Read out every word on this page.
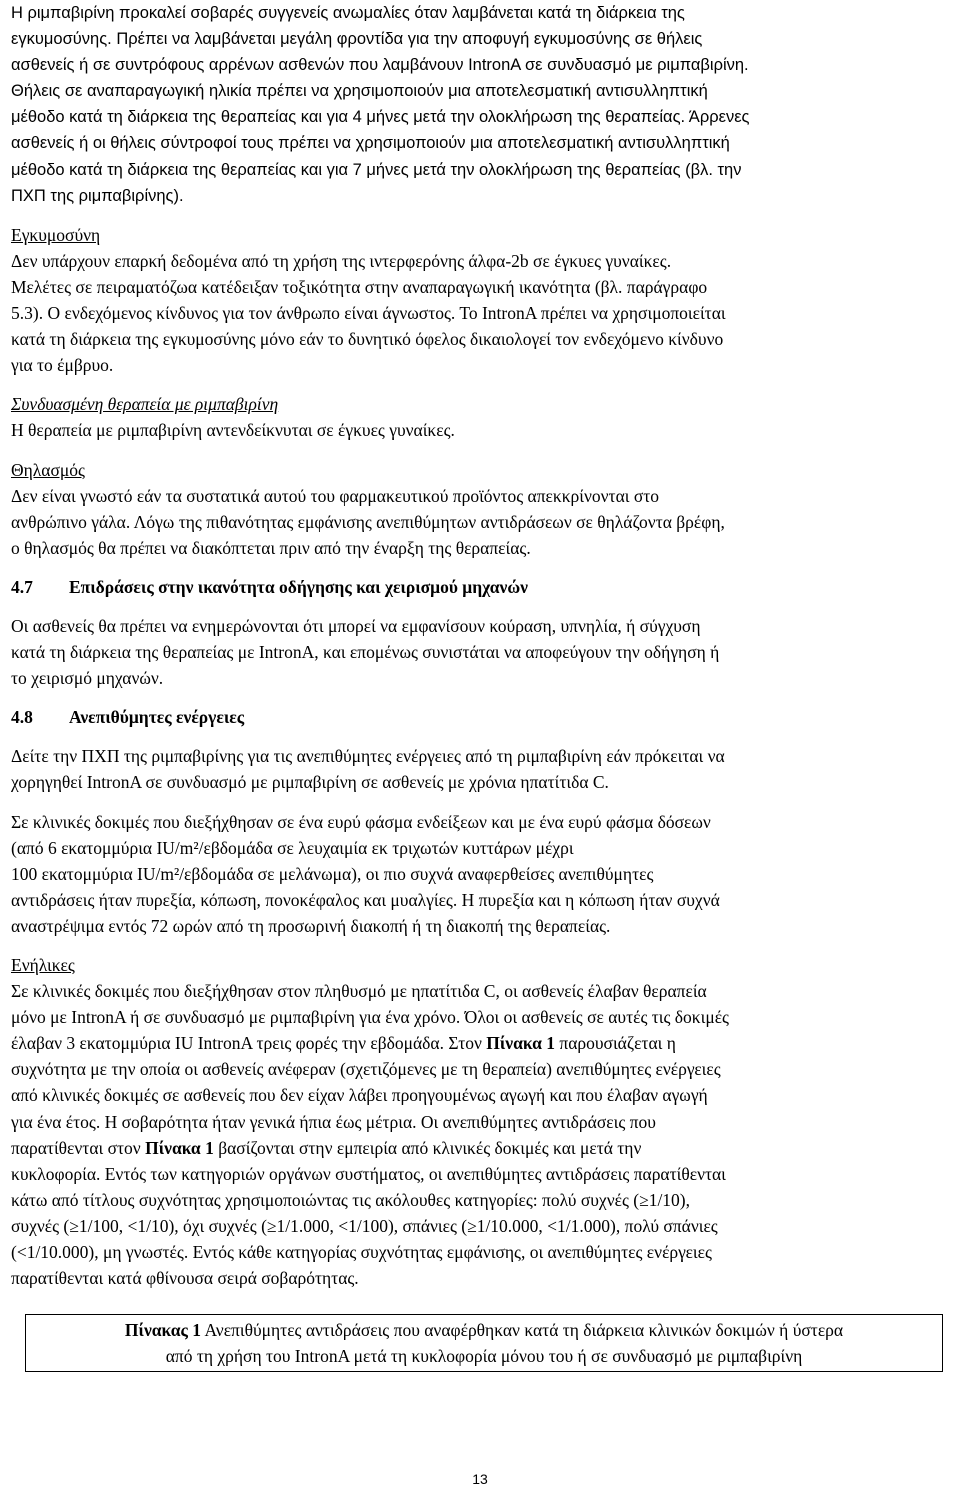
Η ριμπαβιρίνη προκαλεί σοβαρές συγγενείς ανωμαλίες όταν λαμβάνεται κατά τη διάρκεια της

εγκυμοσύνης. Πρέπει να λαμβάνεται μεγάλη φροντίδα για την αποφυγή εγκυμοσύνης σε θήλεις

ασθενείς ή σε συντρόφους αρρένων ασθενών που λαμβάνουν IntronA σε συνδυασμό με ριμπαβιρίνη.

Θήλεις σε αναπαραγωγική ηλικία πρέπει να χρησιμοποιούν μια αποτελεσματική αντισυλληπτική

μέθοδο κατά τη διάρκεια της θεραπείας και για 4 μήνες μετά την ολοκλήρωση της θεραπείας. Άρρενες

ασθενείς ή οι θήλεις σύντροφοί τους πρέπει να χρησιμοποιούν μια αποτελεσματική αντισυλληπτική

μέθοδο κατά τη διάρκεια της θεραπείας και για 7 μήνες μετά την ολοκλήρωση της θεραπείας (βλ. την

ΠΧΠ της ριμπαβιρίνης).

Εγκυμοσύνη

Δεν υπάρχουν επαρκή δεδομένα από τη χρήση της ιντερφερόνης άλφα-2b σε έγκυες γυναίκες.

Μελέτες σε πειραματόζωα κατέδειξαν τοξικότητα στην αναπαραγωγική ικανότητα (βλ. παράγραφο

5.3). Ο ενδεχόμενος κίνδυνος για τον άνθρωπο είναι άγνωστος. Το IntronA πρέπει να χρησιμοποιείται

κατά τη διάρκεια της εγκυμοσύνης μόνο εάν το δυνητικό όφελος δικαιολογεί τον ενδεχόμενο κίνδυνο

για το έμβρυο.

Συνδυασμένη θεραπεία με ριμπαβιρίνη

Η θεραπεία με ριμπαβιρίνη αντενδείκνυται σε έγκυες γυναίκες.

Θηλασμός

Δεν είναι γνωστό εάν τα συστατικά αυτού του φαρμακευτικού προϊόντος απεκκρίνονται στο

ανθρώπινο γάλα. Λόγω της πιθανότητας εμφάνισης ανεπιθύμητων αντιδράσεων σε θηλάζοντα βρέφη,

ο θηλασμός θα πρέπει να διακόπτεται πριν από την έναρξη της θεραπείας.

4.7	Επιδράσεις στην ικανότητα οδήγησης και χειρισμού μηχανών

Οι ασθενείς θα πρέπει να ενημερώνονται ότι μπορεί να εμφανίσουν κούραση, υπνηλία, ή σύγχυση

κατά τη διάρκεια της θεραπείας με IntronA, και επομένως συνιστάται να αποφεύγουν την οδήγηση ή

το χειρισμό μηχανών.

4.8	Ανεπιθύμητες ενέργειες

Δείτε την ΠΧΠ της ριμπαβιρίνης για τις ανεπιθύμητες ενέργειες από τη ριμπαβιρίνη εάν πρόκειται να

χορηγηθεί IntronA σε συνδυασμό με ριμπαβιρίνη σε ασθενείς με χρόνια ηπατίτιδα C.

Σε κλινικές δοκιμές που διεξήχθησαν σε ένα ευρύ φάσμα ενδείξεων και με ένα ευρύ φάσμα δόσεων

(από 6 εκατομμύρια IU/m²/εβδομάδα σε λευχαιμία εκ τριχωτών κυττάρων μέχρι

100 εκατομμύρια IU/m²/εβδομάδα σε μελάνωμα), οι πιο συχνά αναφερθείσες ανεπιθύμητες

αντιδράσεις ήταν πυρεξία, κόπωση, πονοκέφαλος και μυαλγίες. Η πυρεξία και η κόπωση ήταν συχνά

αναστρέψιμα εντός 72 ωρών από τη προσωρινή διακοπή ή τη διακοπή της θεραπείας.

Ενήλικες

Σε κλινικές δοκιμές που διεξήχθησαν στον πληθυσμό με ηπατίτιδα C, οι ασθενείς έλαβαν θεραπεία

μόνο με IntronA ή σε συνδυασμό με ριμπαβιρίνη για ένα χρόνο. Όλοι οι ασθενείς σε αυτές τις δοκιμές

έλαβαν 3 εκατομμύρια IU IntronA τρεις φορές την εβδομάδα. Στον Πίνακα 1 παρουσιάζεται η

συχνότητα με την οποία οι ασθενείς ανέφεραν (σχετιζόμενες με τη θεραπεία) ανεπιθύμητες ενέργειες

από κλινικές δοκιμές σε ασθενείς που δεν είχαν λάβει προηγουμένως αγωγή και που έλαβαν αγωγή

για ένα έτος. Η σοβαρότητα ήταν γενικά ήπια έως μέτρια. Οι ανεπιθύμητες αντιδράσεις που

παρατίθενται στον Πίνακα 1 βασίζονται στην εμπειρία από κλινικές δοκιμές και μετά την

κυκλοφορία. Εντός των κατηγοριών οργάνων συστήματος, οι ανεπιθύμητες αντιδράσεις παρατίθενται

κάτω από τίτλους συχνότητας χρησιμοποιώντας τις ακόλουθες κατηγορίες: πολύ συχνές (≥1/10),

συχνές (≥1/100, <1/10), όχι συχνές (≥1/1.000, <1/100), σπάνιες (≥1/10.000, <1/1.000), πολύ σπάνιες

(<1/10.000), μη γνωστές. Εντός κάθε κατηγορίας συχνότητας εμφάνισης, οι ανεπιθύμητες ενέργειες

παρατίθενται κατά φθίνουσα σειρά σοβαρότητας.

Πίνακας 1 Ανεπιθύμητες αντιδράσεις που αναφέρθηκαν κατά τη διάρκεια κλινικών δοκιμών ή ύστερα

από τη χρήση του IntronA μετά τη κυκλοφορία μόνου του ή σε συνδυασμό με ριμπαβιρίνη

13
